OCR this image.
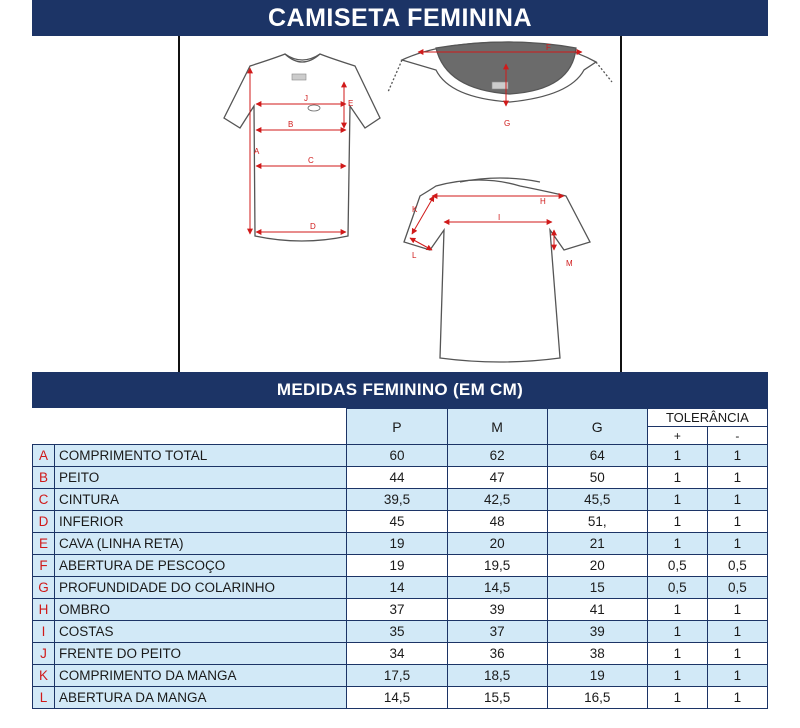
CAMISETA FEMININA
J
B
C
D
A
E
F
G
H
I
K
L
M
MEDIDAS FEMININO (EM CM)
		P	M	G	TOLERÂNCIA	
					+	-
A	COMPRIMENTO TOTAL	60	62	64	1	1
B	PEITO	44	47	50	1	1
C	CINTURA	39,5	42,5	45,5	1	1
D	INFERIOR	45	48	51,	1	1
E	CAVA (LINHA RETA)	19	20	21	1	1
F	ABERTURA DE PESCOÇO	19	19,5	20	0,5	0,5
G	PROFUNDIDADE DO COLARINHO	14	14,5	15	0,5	0,5
H	OMBRO	37	39	41	1	1
I	COSTAS	35	37	39	1	1
J	FRENTE DO PEITO	34	36	38	1	1
K	COMPRIMENTO DA MANGA	17,5	18,5	19	1	1
L	ABERTURA DA MANGA	14,5	15,5	16,5	1	1
